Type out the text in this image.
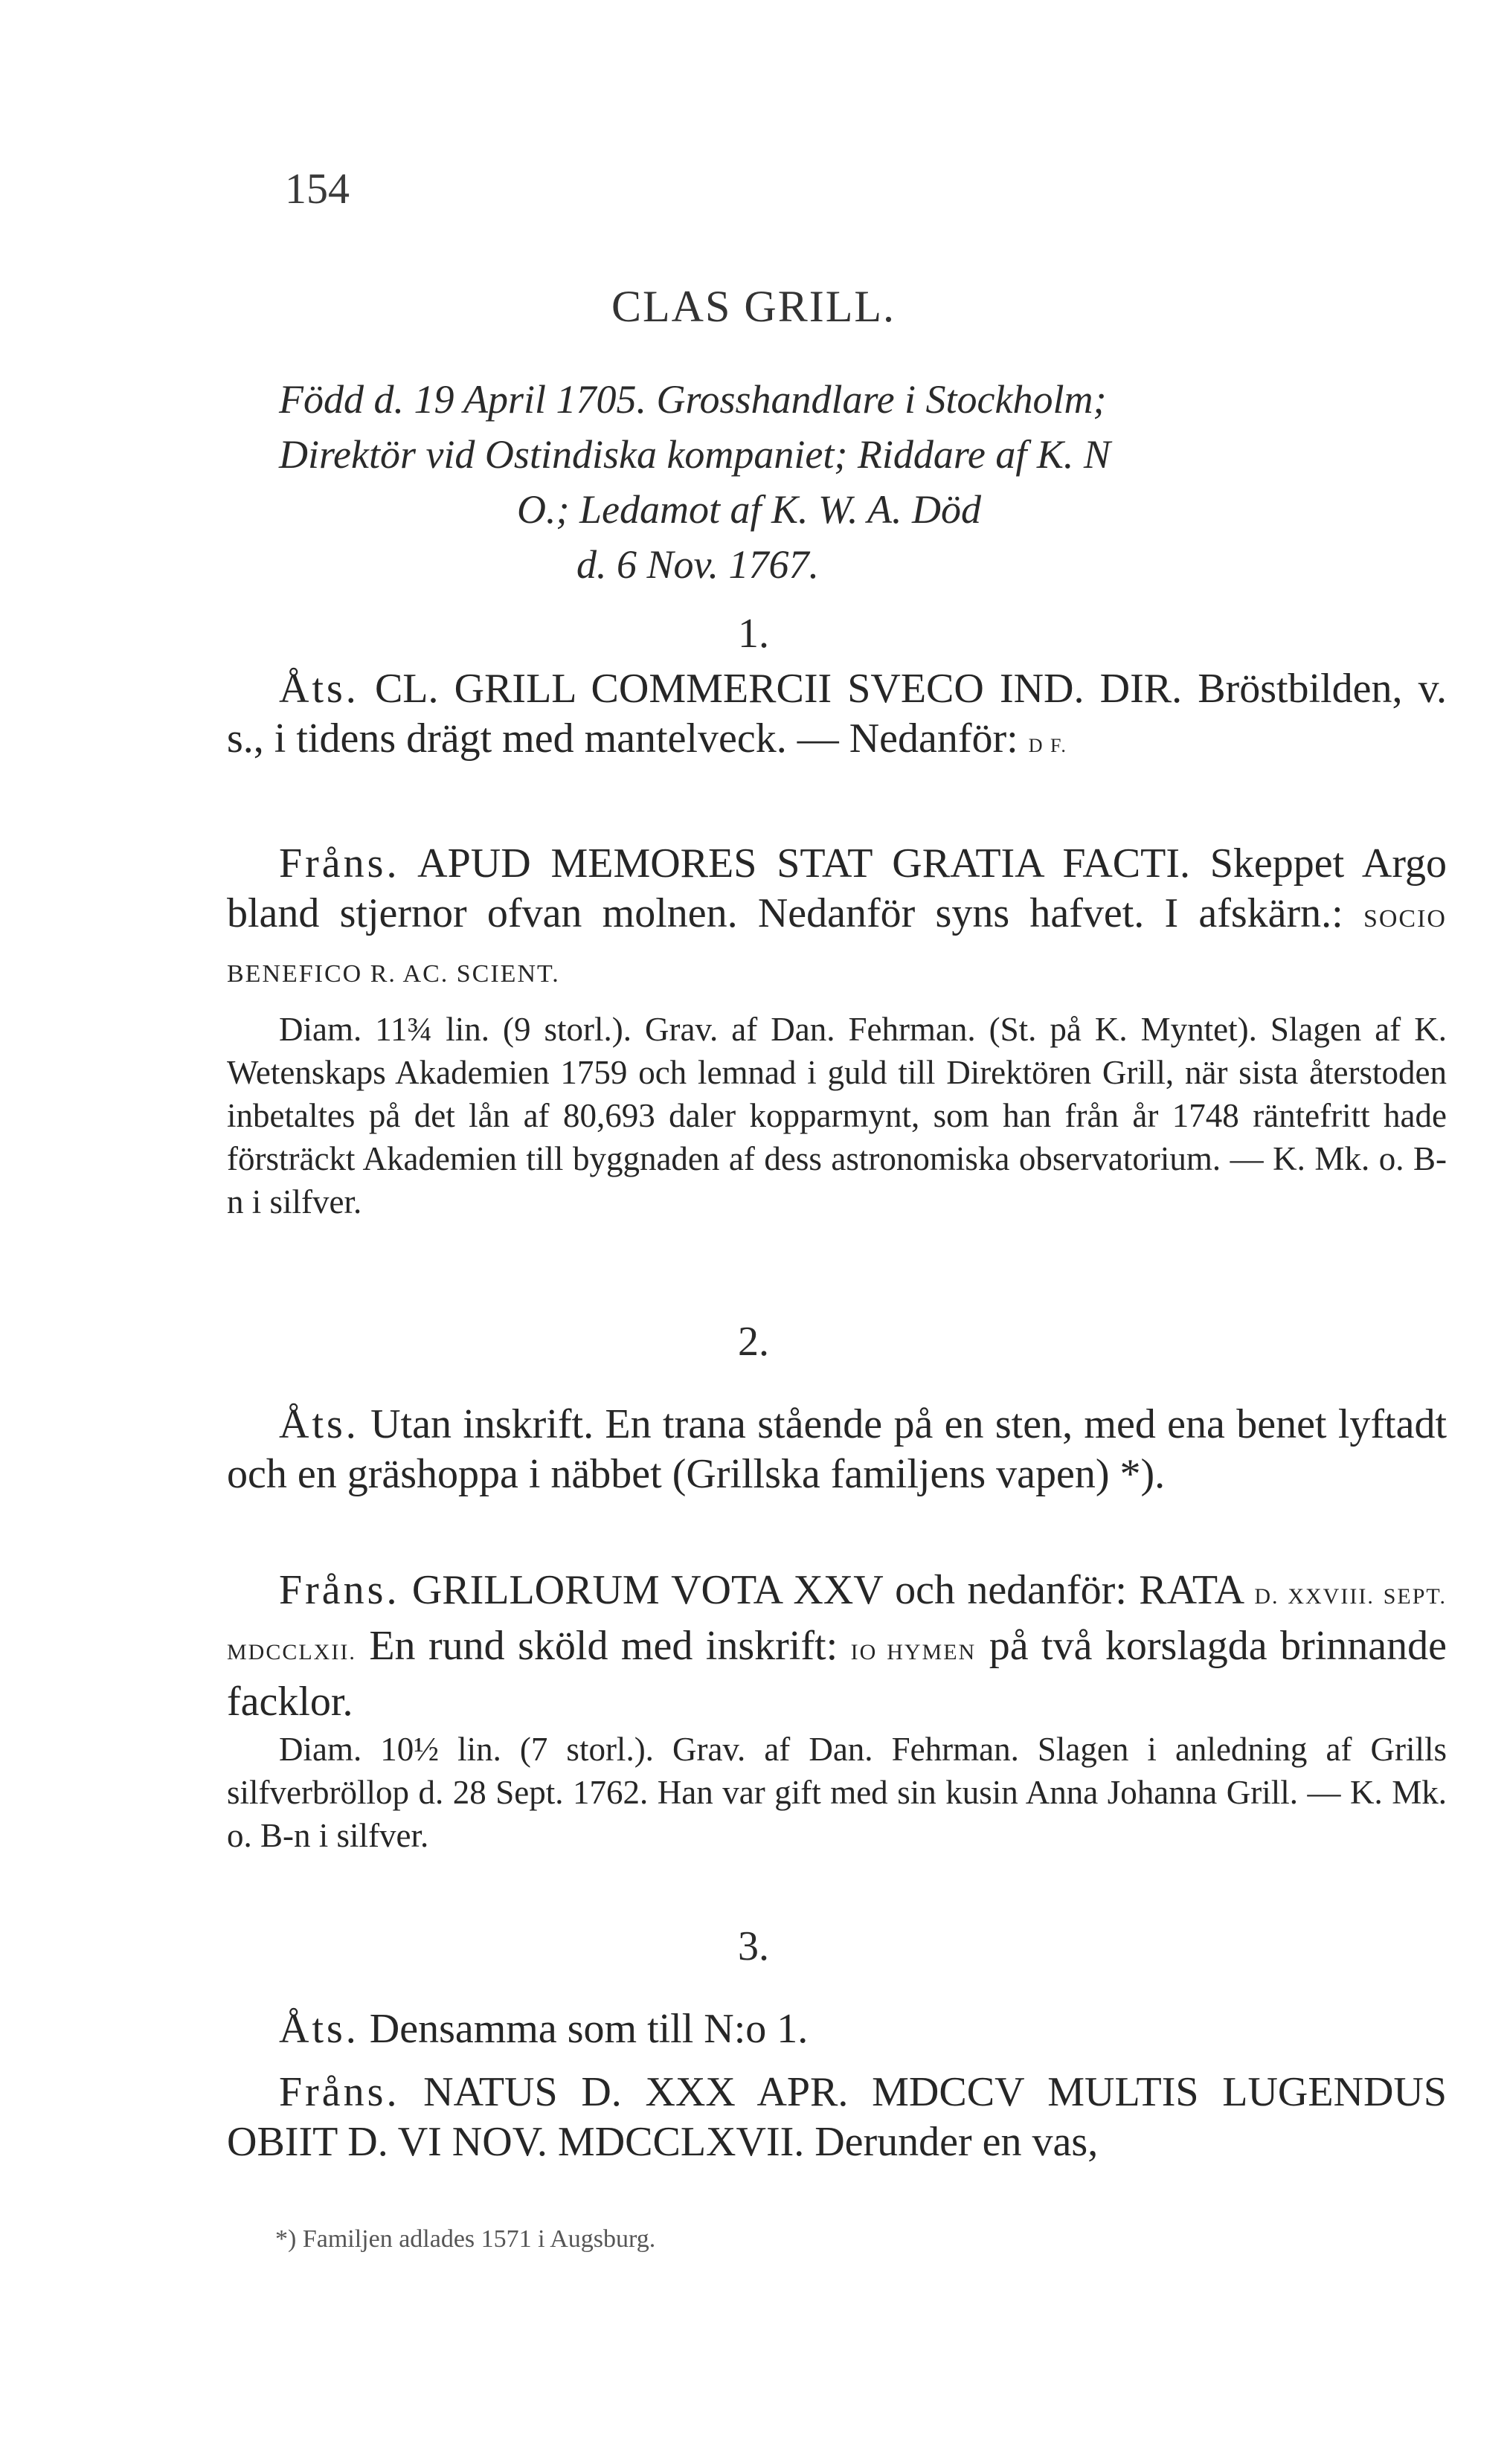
154
CLAS GRILL.
Född d. 19 April 1705. Grosshandlare i Stockholm;
Direktör vid Ostindiska kompaniet; Riddare af K. N
O.; Ledamot af K. W. A. Död
d. 6 Nov. 1767.
1.
Åts. CL. GRILL COMMERCII SVECO IND. DIR. Bröstbilden, v. s., i tidens drägt med mantelveck. — Nedanför: D F.
Fråns. APUD MEMORES STAT GRATIA FACTI. Skeppet Argo bland stjernor ofvan molnen. Nedanför syns hafvet. I afskärn.: SOCIO BENEFICO R. AC. SCIENT.
Diam. 11¾ lin. (9 storl.). Grav. af Dan. Fehrman. (St. på K. Myntet). Slagen af K. Wetenskaps Akademien 1759 och lemnad i guld till Direktören Grill, när sista återstoden inbetaltes på det lån af 80,693 daler kopparmynt, som han från år 1748 räntefritt hade försträckt Akademien till byggnaden af dess astronomiska observatorium. — K. Mk. o. B-n i silfver.
2.
Åts. Utan inskrift. En trana stående på en sten, med ena benet lyftadt och en gräshoppa i näbbet (Grillska familjens vapen) *).
Fråns. GRILLORUM VOTA XXV och nedanför: RATA D. XXVIII. SEPT. MDCCLXII. En rund sköld med inskrift: IO HYMEN på två korslagda brinnande facklor.
Diam. 10½ lin. (7 storl.). Grav. af Dan. Fehrman. Slagen i anledning af Grills silfverbröllop d. 28 Sept. 1762. Han var gift med sin kusin Anna Johanna Grill. — K. Mk. o. B-n i silfver.
3.
Åts. Densamma som till N:o 1.
Fråns. NATUS D. XXX APR. MDCCV MULTIS LUGENDUS OBIIT D. VI NOV. MDCCLXVII. Derunder en vas,
*) Familjen adlades 1571 i Augsburg.
